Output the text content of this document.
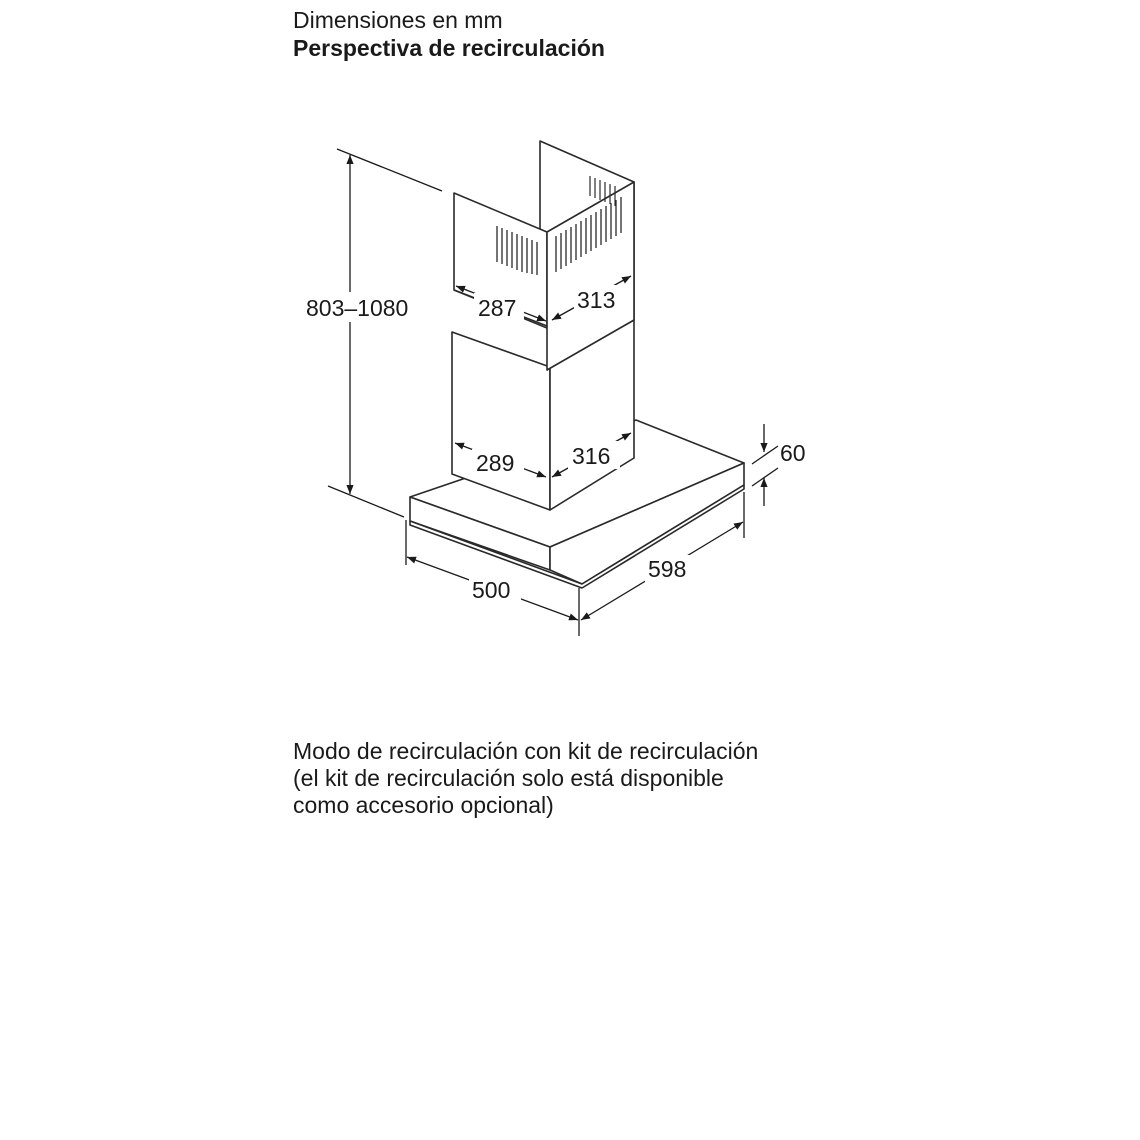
Dimensiones en mm
Perspectiva de recirculación
803–1080	287	313
289	316	60
598
500
Modo de recirculación con kit de recirculación
(el kit de recirculación solo está disponible
como accesorio opcional)
